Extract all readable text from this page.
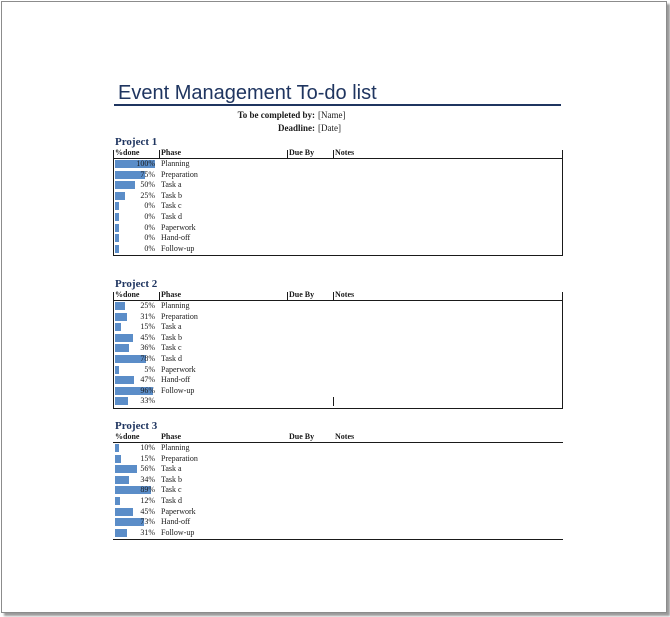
Event Management To-do list
To be completed by: [Name]
Deadline: [Date]
Project 1
%done	Phase	Due By	Notes
100% Planning
75% Preparation
50% Task a
25% Task b
0% Task c
0% Task d
0% Paperwork
0% Hand-off
0% Follow-up
Project 2
%done	Phase	Due By	Notes
25% Planning
31% Preparation
15% Task a
45% Task b
36% Task c
78% Task d
5% Paperwork
47% Hand-off
96% Follow-up
33%
Project 3
%done	Phase	Due By	Notes
10% Planning
15% Preparation
56% Task a
34% Task b
89% Task c
12% Task d
45% Paperwork
73% Hand-off
31% Follow-up
